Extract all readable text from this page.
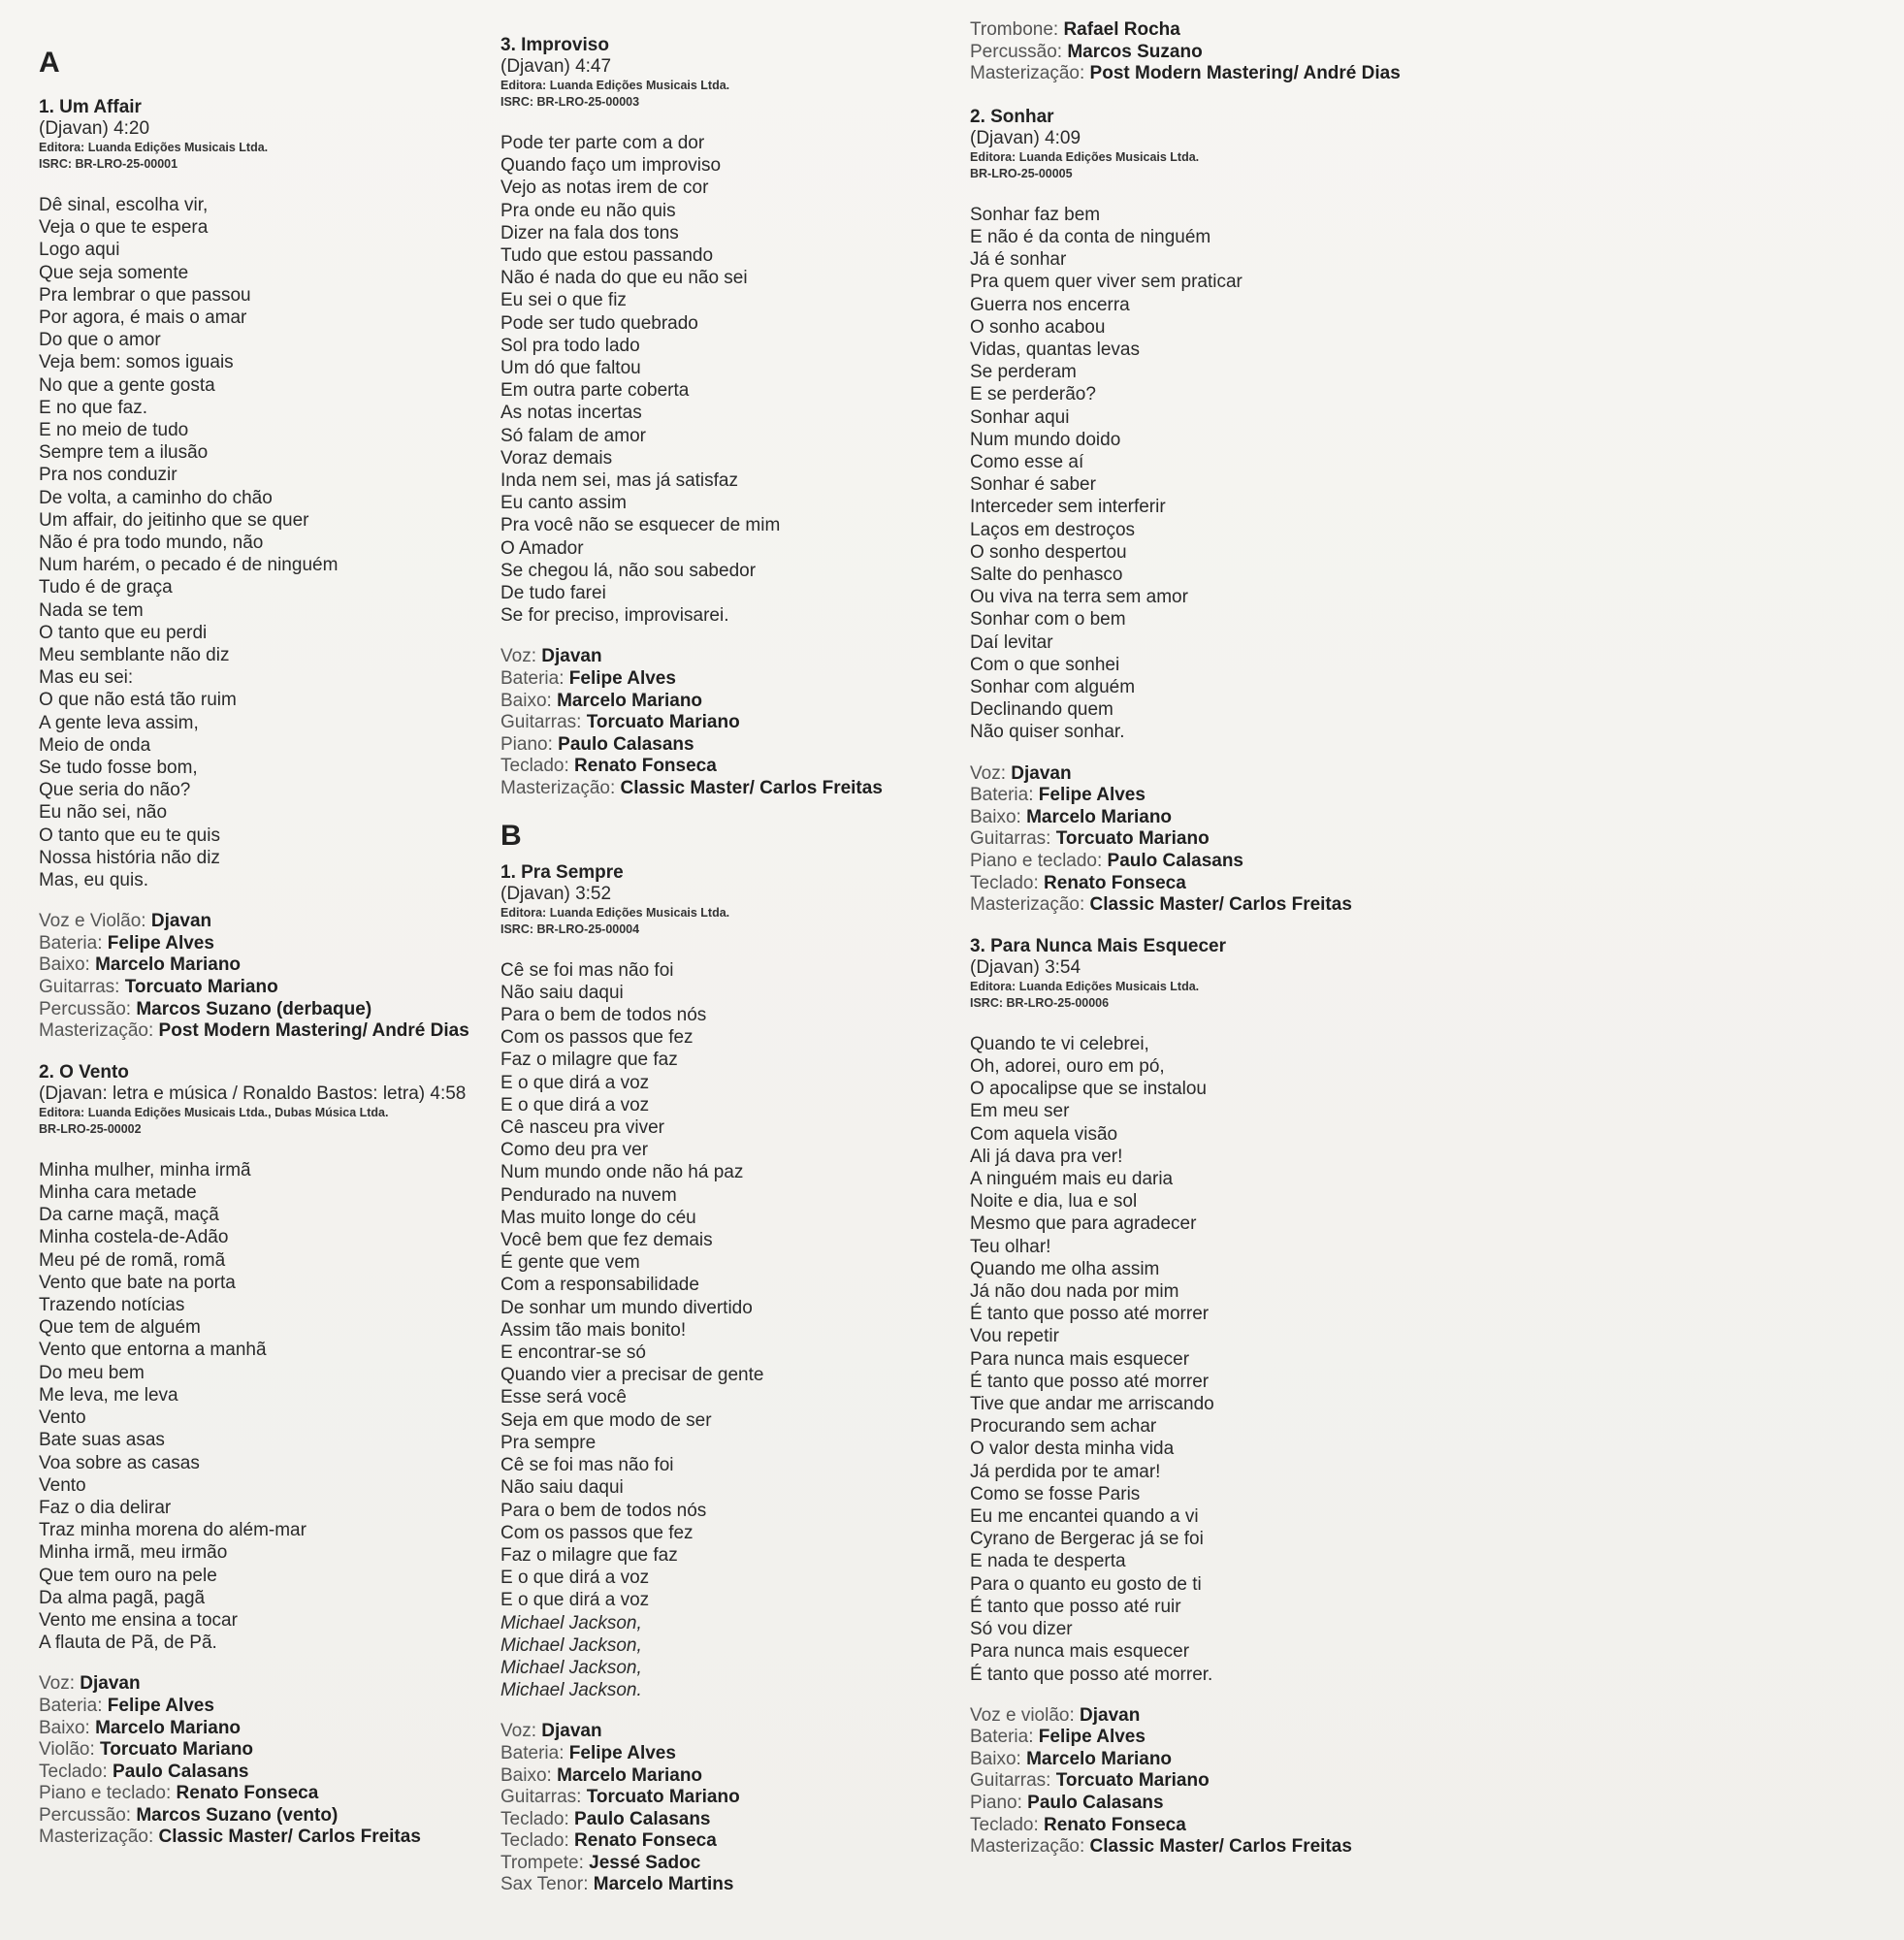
A
1. Um Affair
(Djavan) 4:20
Editora: Luanda Edições Musicais Ltda.
ISRC: BR-LRO-25-00001
Dê sinal, escolha vir,
Veja o que te espera
Logo aqui
Que seja somente
Pra lembrar o que passou
Por agora, é mais o amar
Do que o amor
Veja bem: somos iguais
No que a gente gosta
E no que faz.
E no meio de tudo
Sempre tem a ilusão
Pra nos conduzir
De volta, a caminho do chão
Um affair, do jeitinho que se quer
Não é pra todo mundo, não
Num harém, o pecado é de ninguém
Tudo é de graça
Nada se tem
O tanto que eu perdi
Meu semblante não diz
Mas eu sei:
O que não está tão ruim
A gente leva assim,
Meio de onda
Se tudo fosse bom,
Que seria do não?
Eu não sei, não
O tanto que eu te quis
Nossa história não diz
Mas, eu quis.
Voz e Violão: Djavan
Bateria: Felipe Alves
Baixo: Marcelo Mariano
Guitarras: Torcuato Mariano
Percussão: Marcos Suzano (derbaque)
Masterização: Post Modern Mastering/ André Dias
2. O Vento
(Djavan: letra e música / Ronaldo Bastos: letra) 4:58
Editora: Luanda Edições Musicais Ltda., Dubas Música Ltda.
BR-LRO-25-00002
Minha mulher, minha irmã
Minha cara metade
Da carne maçã, maçã
Minha costela-de-Adão
Meu pé de romã, romã
Vento que bate na porta
Trazendo notícias
Que tem de alguém
Vento que entorna a manhã
Do meu bem
Me leva, me leva
Vento
Bate suas asas
Voa sobre as casas
Vento
Faz o dia delirar
Traz minha morena do além-mar
Minha irmã, meu irmão
Que tem ouro na pele
Da alma pagã, pagã
Vento me ensina a tocar
A flauta de Pã, de Pã.
Voz: Djavan
Bateria: Felipe Alves
Baixo: Marcelo Mariano
Violão: Torcuato Mariano
Teclado: Paulo Calasans
Piano e teclado: Renato Fonseca
Percussão: Marcos Suzano (vento)
Masterização: Classic Master/ Carlos Freitas
3. Improviso
(Djavan) 4:47
Editora: Luanda Edições Musicais Ltda.
ISRC: BR-LRO-25-00003
Pode ter parte com a dor
Quando faço um improviso
Vejo as notas irem de cor
Pra onde eu não quis
Dizer na fala dos tons
Tudo que estou passando
Não é nada do que eu não sei
Eu sei o que fiz
Pode ser tudo quebrado
Sol pra todo lado
Um dó que faltou
Em outra parte coberta
As notas incertas
Só falam de amor
Voraz demais
Inda nem sei, mas já satisfaz
Eu canto assim
Pra você não se esquecer de mim
O Amador
Se chegou lá, não sou sabedor
De tudo farei
Se for preciso, improvisarei.
Voz: Djavan
Bateria: Felipe Alves
Baixo: Marcelo Mariano
Guitarras: Torcuato Mariano
Piano: Paulo Calasans
Teclado: Renato Fonseca
Masterização: Classic Master/ Carlos Freitas
B
1. Pra Sempre
(Djavan) 3:52
Editora: Luanda Edições Musicais Ltda.
ISRC: BR-LRO-25-00004
Cê se foi mas não foi
Não saiu daqui
Para o bem de todos nós
Com os passos que fez
Faz o milagre que faz
E o que dirá a voz
E o que dirá a voz
Cê nasceu pra viver
Como deu pra ver
Num mundo onde não há paz
Pendurado na nuvem
Mas muito longe do céu
Você bem que fez demais
É gente que vem
Com a responsabilidade
De sonhar um mundo divertido
Assim tão mais bonito!
E encontrar-se só
Quando vier a precisar de gente
Esse será você
Seja em que modo de ser
Pra sempre
Cê se foi mas não foi
Não saiu daqui
Para o bem de todos nós
Com os passos que fez
Faz o milagre que faz
E o que dirá a voz
E o que dirá a voz
Michael Jackson,
Michael Jackson,
Michael Jackson,
Michael Jackson.
Voz: Djavan
Bateria: Felipe Alves
Baixo: Marcelo Mariano
Guitarras: Torcuato Mariano
Teclado: Paulo Calasans
Teclado: Renato Fonseca
Trompete: Jessé Sadoc
Sax Tenor: Marcelo Martins
Trombone: Rafael Rocha
Percussão: Marcos Suzano
Masterização: Post Modern Mastering/ André Dias
2. Sonhar
(Djavan) 4:09
Editora: Luanda Edições Musicais Ltda.
BR-LRO-25-00005
Sonhar faz bem
E não é da conta de ninguém
Já é sonhar
Pra quem quer viver sem praticar
Guerra nos encerra
O sonho acabou
Vidas, quantas levas
Se perderam
E se perderão?
Sonhar aqui
Num mundo doido
Como esse aí
Sonhar é saber
Interceder sem interferir
Laços em destroços
O sonho despertou
Salte do penhasco
Ou viva na terra sem amor
Sonhar com o bem
Daí levitar
Com o que sonhei
Sonhar com alguém
Declinando quem
Não quiser sonhar.
Voz: Djavan
Bateria: Felipe Alves
Baixo: Marcelo Mariano
Guitarras: Torcuato Mariano
Piano e teclado: Paulo Calasans
Teclado: Renato Fonseca
Masterização: Classic Master/ Carlos Freitas
3. Para Nunca Mais Esquecer
(Djavan) 3:54
Editora: Luanda Edições Musicais Ltda.
ISRC: BR-LRO-25-00006
Quando te vi celebrei,
Oh, adorei, ouro em pó,
O apocalipse que se instalou
Em meu ser
Com aquela visão
Ali já dava pra ver!
A ninguém mais eu daria
Noite e dia, lua e sol
Mesmo que para agradecer
Teu olhar!
Quando me olha assim
Já não dou nada por mim
É tanto que posso até morrer
Vou repetir
Para nunca mais esquecer
É tanto que posso até morrer
Tive que andar me arriscando
Procurando sem achar
O valor desta minha vida
Já perdida por te amar!
Como se fosse Paris
Eu me encantei quando a vi
Cyrano de Bergerac já se foi
E nada te desperta
Para o quanto eu gosto de ti
É tanto que posso até ruir
Só vou dizer
Para nunca mais esquecer
É tanto que posso até morrer.
Voz e violão: Djavan
Bateria: Felipe Alves
Baixo: Marcelo Mariano
Guitarras: Torcuato Mariano
Piano: Paulo Calasans
Teclado: Renato Fonseca
Masterização: Classic Master/ Carlos Freitas
